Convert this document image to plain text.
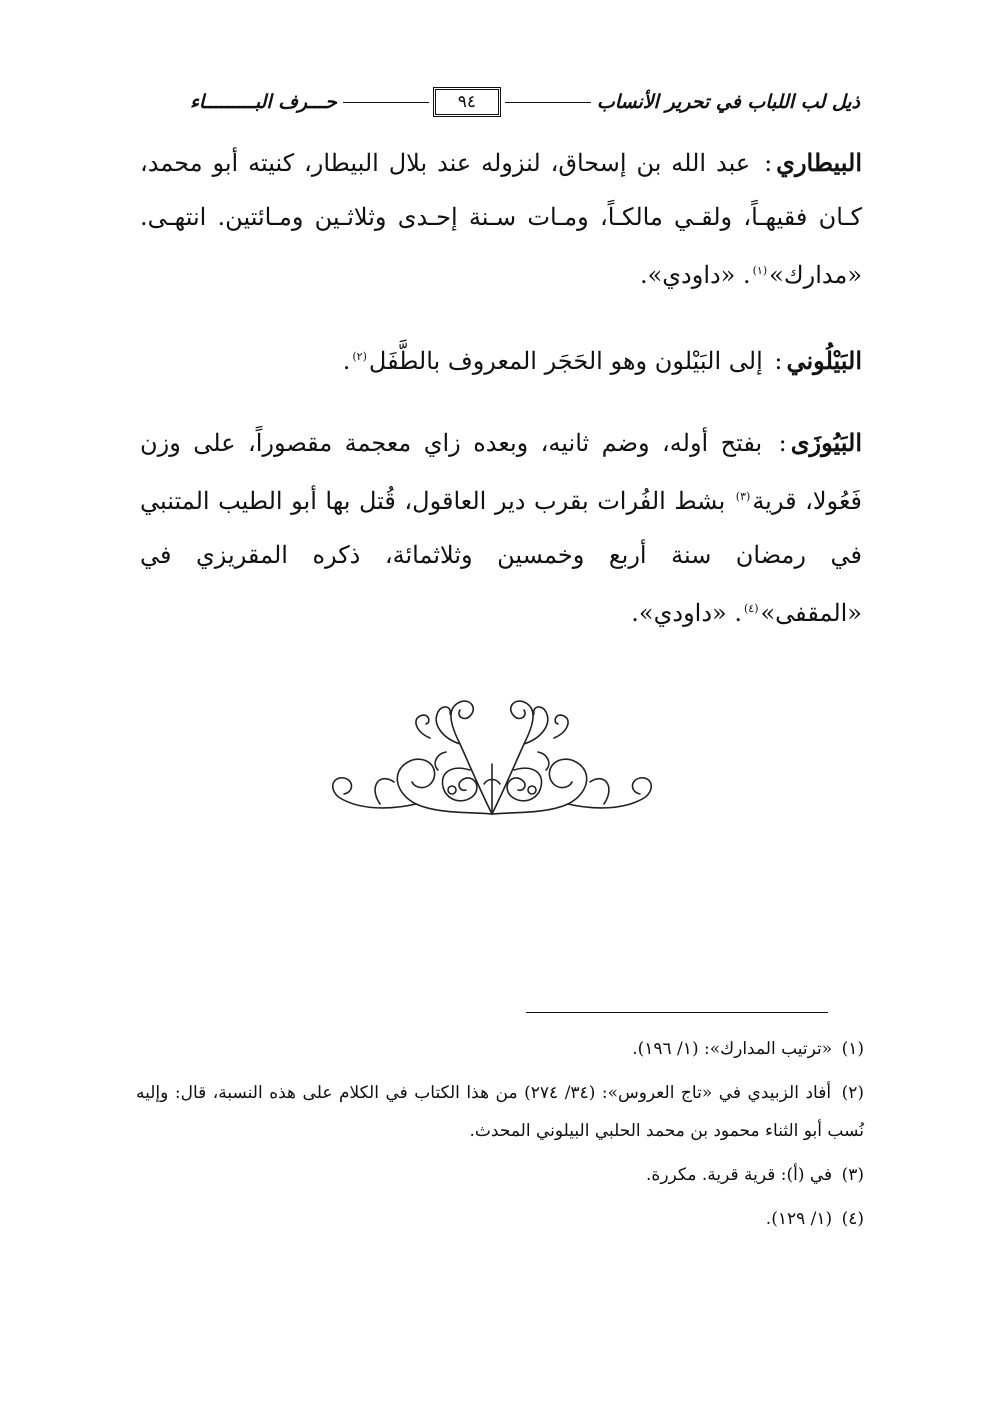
ذيل لب اللباب في تحرير الأنساب
٩٤
حـــرف البـــــــــاء

البيطاري: عبد الله بن إسحاق، لنزوله عند بلال البيطار، كنيته أبو محمد، كـان فقيهـاً، ولقـي مالكـاً، ومـات سـنة إحـدى وثلاثـين ومـائتين. انتهـى. «مدارك»$^{(١)}$. «داودي».

البَيْلُوني: إلى البَيْلون وهو الحَجَر المعروف بالطَّفَل$^{(٢)}$.

البَيُوزَى: بفتح أوله، وضم ثانيه، وبعده زاي معجمة مقصوراً، على وزن فَعُولا، قرية$^{(٣)}$ بشط الفُرات بقرب دير العاقول، قُتل بها أبو الطيب المتنبي في رمضان سنة أربع وخمسين وثلاثمائة، ذكره المقريزي في «المقفى»$^{(٤)}$. «داودي».

(١) «ترتيب المدارك»: (١/ ١٩٦).
(٢) أفاد الزبيدي في «تاج العروس»: (٣٤/ ٢٧٤) من هذا الكتاب في الكلام على هذه النسبة، قال: وإليه نُسب أبو الثناء محمود بن محمد الحلبي البيلوني المحدث.
(٣) في (أ): قرية قرية. مكررة.
(٤) (١/ ١٢٩).
